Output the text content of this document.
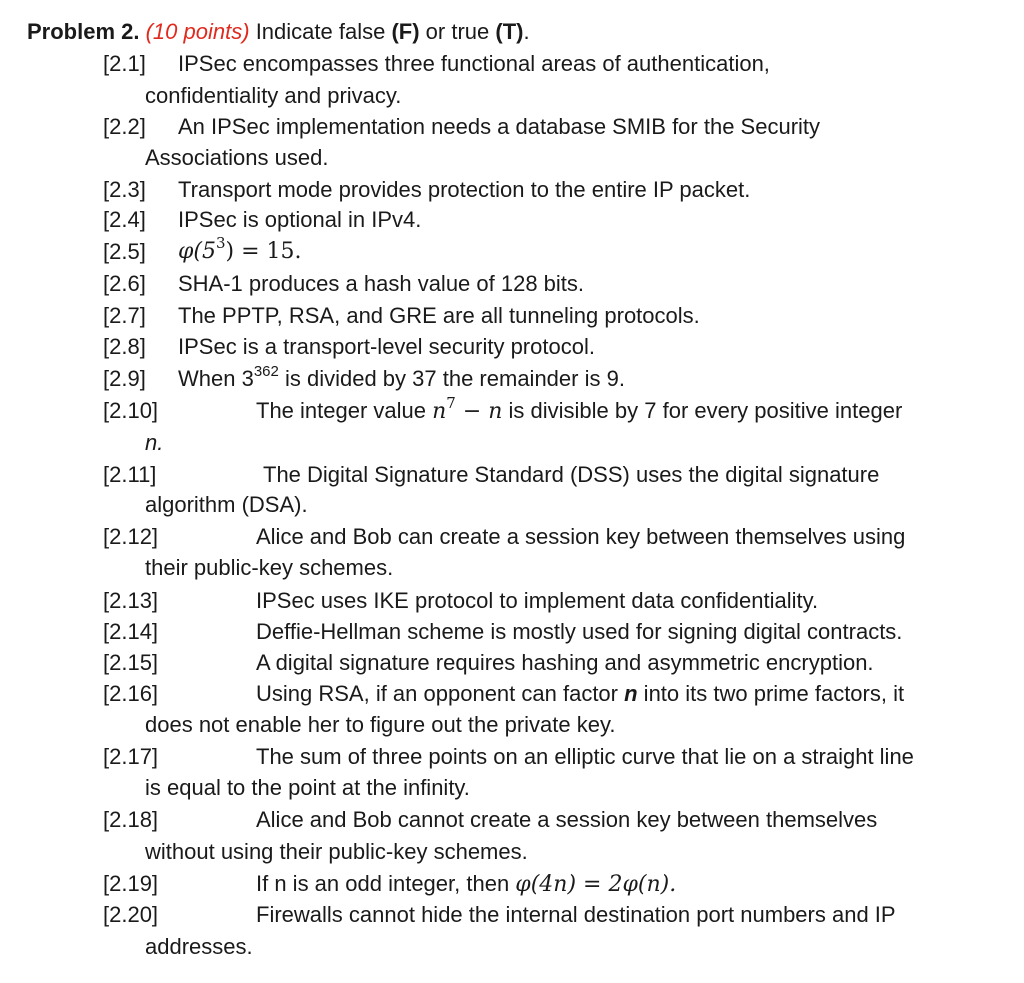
Problem 2. (10 points) Indicate false (F) or true (T).
[2.1] IPSec encompasses three functional areas of authentication,
confidentiality and privacy.
[2.2] An IPSec implementation needs a database SMIB for the Security
Associations used.
[2.3] Transport mode provides protection to the entire IP packet.
[2.4] IPSec is optional in IPv4.
[2.5] $\varphi(5^3) = 15$.
[2.6] SHA-1 produces a hash value of 128 bits.
[2.7] The PPTP, RSA, and GRE are all tunneling protocols.
[2.8] IPSec is a transport-level security protocol.
[2.9] When $3^{362}$ is divided by 37 the remainder is 9.
[2.10]	The integer value $n^7 - n$ is divisible by 7 for every positive integer
n.
[2.11]	The Digital Signature Standard (DSS) uses the digital signature
algorithm (DSA).
[2.12]	Alice and Bob can create a session key between themselves using
their public-key schemes.
[2.13]	IPSec uses IKE protocol to implement data confidentiality.
[2.14]	Deffie-Hellman scheme is mostly used for signing digital contracts.
[2.15]	A digital signature requires hashing and asymmetric encryption.
[2.16]	Using RSA, if an opponent can factor n into its two prime factors, it
does not enable her to figure out the private key.
[2.17]	The sum of three points on an elliptic curve that lie on a straight line
is equal to the point at the infinity.
[2.18]	Alice and Bob cannot create a session key between themselves
without using their public-key schemes.
[2.19]	If n is an odd integer, then φ(4n) = 2φ(n).
[2.20]	Firewalls cannot hide the internal destination port numbers and IP
addresses.
